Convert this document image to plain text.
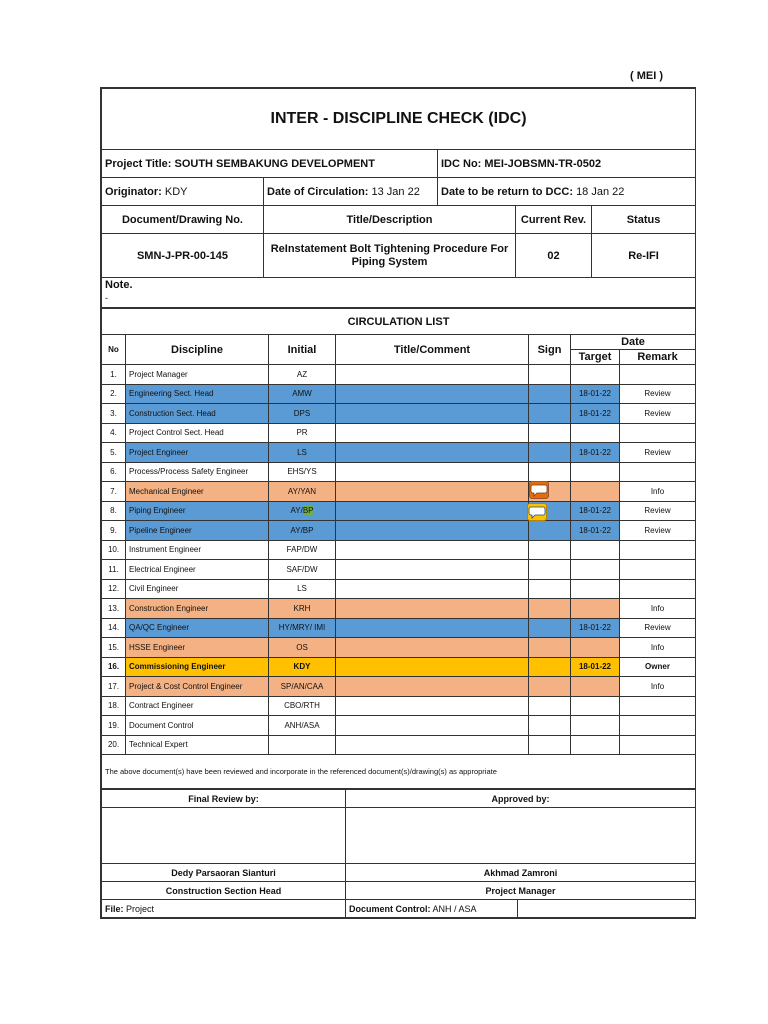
( MEI )
INTER - DISCIPLINE CHECK (IDC)				
Project Title: SOUTH SEMBAKUNG DEVELOPMENT		IDC No: MEI-JOBSMN-TR-0502		
Originator: KDY	Date of Circulation: 13 Jan 22	Date to be return to DCC: 18 Jan 22		
Document/Drawing No.	Title/Description		Current Rev.	Status
SMN-J-PR-00-145	ReInstatement Bolt Tightening Procedure For Piping System		02	Re-IFI

Note.
-				
CIRCULATION LIST						
No	Discipline	Initial	Title/Comment	Sign	Date	
					Target	Remark
1.	Project Manager	AZ				
2.	Engineering Sect. Head	AMW			18-01-22	Review
3.	Construction Sect. Head	DPS			18-01-22	Review
4.	Project Control Sect. Head	PR				
5.	Project Engineer	LS			18-01-22	Review
6.	Process/Process Safety Engineer	EHS/YS				
7.	Mechanical Engineer	AY/YAN				Info
8.	Piping Engineer	AY/BP			18-01-22	Review
9.	Pipeline Engineer	AY/BP			18-01-22	Review
10.	Instrument Engineer	FAP/DW				
11.	Electrical Engineer	SAF/DW				
12.	Civil Engineer	LS				
13.	Construction Engineer	KRH				Info
14.	QA/QC Engineer	HY/MRY/ IMI			18-01-22	Review
15.	HSSE Engineer	OS				Info
16.	Commissioning Engineer	KDY			18-01-22	Owner
17.	Project & Cost Control Engineer	SP/AN/CAA				Info
18.	Contract Engineer	CBO/RTH				
19.	Document Control	ANH/ASA				
20.	Technical Expert					
The above document(s) have been reviewed and incorporate in the referenced document(s)/drawing(s) as appropriate						
Final Review by:	Approved by:	

Dedy Parsaoran Sianturi	Akhmad Zamroni	
Construction Section Head	Project Manager	
File: Project	Document Control: ANH / ASA	
